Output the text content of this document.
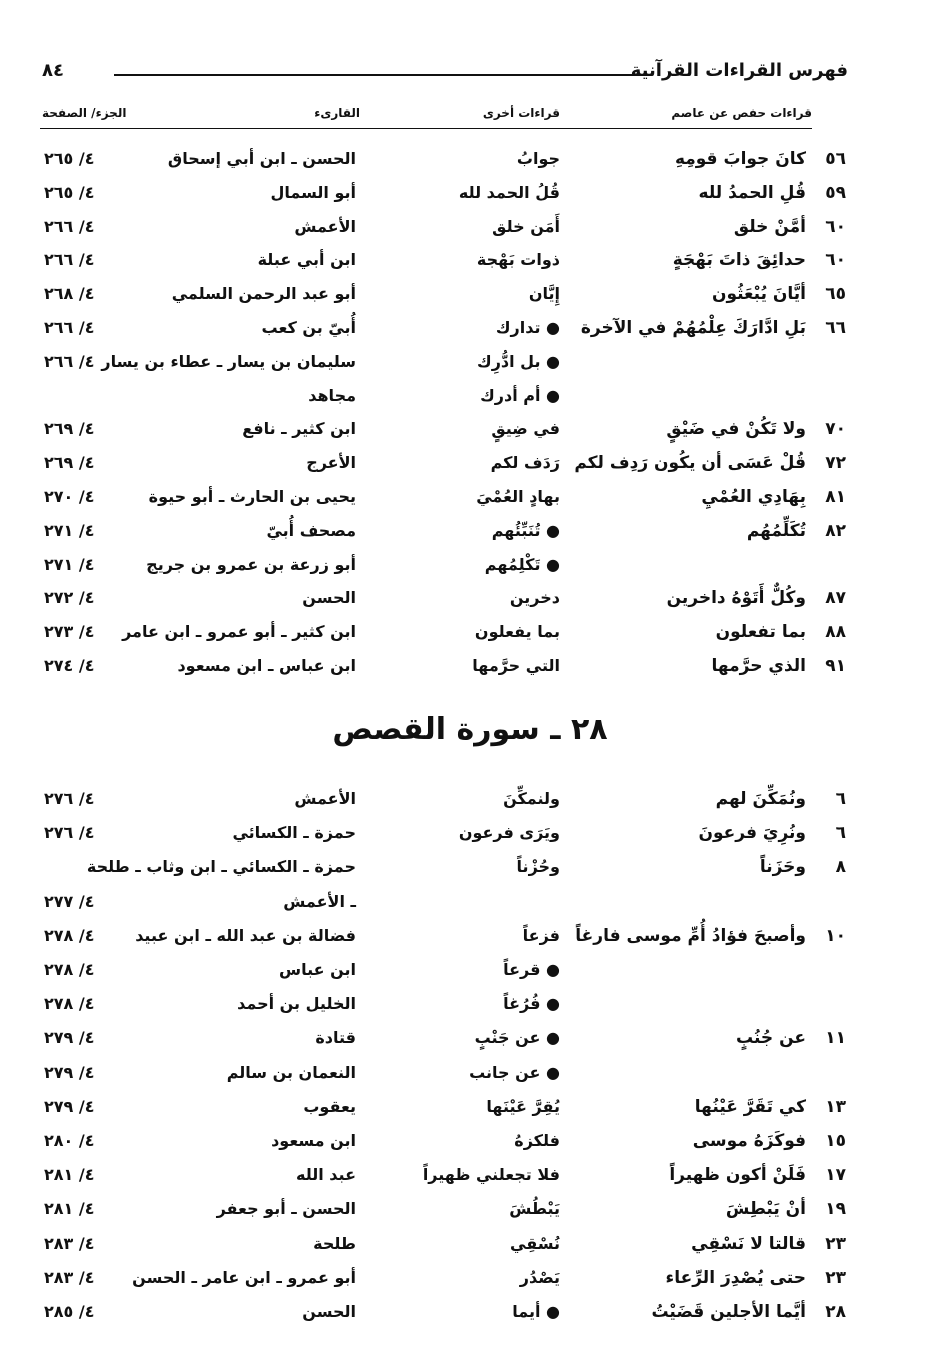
فهرس القراءات القرآنية
٨٤
قراءات حفص عن عاصم
قراءات أخرى
القارىء
الجزء/ الصفحة
٥٦
كانَ جوابَ قومِهِ
جوابُ
الحسن ـ ابن أبي إسحاق
٤/ ٢٦٥
٥٩
قُلِ الحمدُ لله
قُلُ الحمد لله
أبو السمال
٤/ ٢٦٥
٦٠
أمَّنْ خلق
أَمَن خلق
الأعمش
٤/ ٢٦٦
٦٠
حدائِقَ ذاتَ بَهْجَةٍ
ذوات بَهْجة
ابن أبي عبلة
٤/ ٢٦٦
٦٥
أيَّانَ يُبْعَثُون
إِيَّان
أبو عبد الرحمن السلمي
٤/ ٢٦٨
٦٦
بَلِ ادَّارَكَ عِلْمُهُمْ في الآخرة
● تدارك
أُبيّ بن كعب
٤/ ٢٦٦
● بل ادُّرِك
سليمان بن يسار ـ عطاء بن يسار
٤/ ٢٦٦
● أم أدرك
مجاهد
٧٠
ولا تَكُنْ في ضَيْقٍ
في ضِيقٍ
ابن كثير ـ نافع
٤/ ٢٦٩
٧٢
قُلْ عَسَى أن يكُون رَدِف لكم
رَدَف لكم
الأعرج
٤/ ٢٦٩
٨١
بِهَادِي العُمْيِ
بهادٍ العُمْيَ
يحيى بن الحارث ـ أبو حيوة
٤/ ٢٧٠
٨٢
تُكَلِّمُهُم
● تُنَبِّئُهم
مصحف أُبيّ
٤/ ٢٧١
● تَكْلِمُهم
أبو زرعة بن عمرو بن جريج
٤/ ٢٧١
٨٧
وكُلٌّ أَتَوْهُ داخرين
دخرين
الحسن
٤/ ٢٧٢
٨٨
بما تفعلون
بما يفعلون
ابن كثير ـ أبو عمرو ـ ابن عامر
٤/ ٢٧٣
٩١
الذي حرَّمها
التي حرَّمها
ابن عباس ـ ابن مسعود
٤/ ٢٧٤
٢٨ ـ سورة القصص
٦
ونُمَكِّنَ لهم
ولنمكِّنَ
الأعمش
٤/ ٢٧٦
٦
ونُرِيَ فرعونَ
ويَرَى فرعون
حمزة ـ الكسائي
٤/ ٢٧٦
٨
وحَزَناً
وحُزْناً
حمزة ـ الكسائي ـ ابن وثاب ـ طلحة
ـ الأعمش
٤/ ٢٧٧
١٠
وأصبحَ فؤادُ أُمِّ موسى فارغاً
فزعاً
فضالة بن عبد الله ـ ابن عبيد
٤/ ٢٧٨
● قرعاً
ابن عباس
٤/ ٢٧٨
● فُرُغاً
الخليل بن أحمد
٤/ ٢٧٨
١١
عن جُنُبٍ
● عن جَنْبٍ
قتادة
٤/ ٢٧٩
● عن جانب
النعمان بن سالم
٤/ ٢٧٩
١٣
كي تَقَرَّ عَيْنُها
يُقِرَّ عَيْنَها
يعقوب
٤/ ٢٧٩
١٥
فوكَزَهُ موسى
فلكزهُ
ابن مسعود
٤/ ٢٨٠
١٧
فَلَنْ أكون ظهيراً
فلا تجعلني ظهيراً
عبد الله
٤/ ٢٨١
١٩
أنْ يَبْطِشَ
يَبْطُشَ
الحسن ـ أبو جعفر
٤/ ٢٨١
٢٣
قالتا لا نَسْقِي
نُسْقِي
طلحة
٤/ ٢٨٣
٢٣
حتى يُصْدِرَ الرِّعاء
يَصْدُر
أبو عمرو ـ ابن عامر ـ الحسن
٤/ ٢٨٣
٢٨
أيَّما الأجلين قَضَيْتُ
● أيما
الحسن
٤/ ٢٨٥
